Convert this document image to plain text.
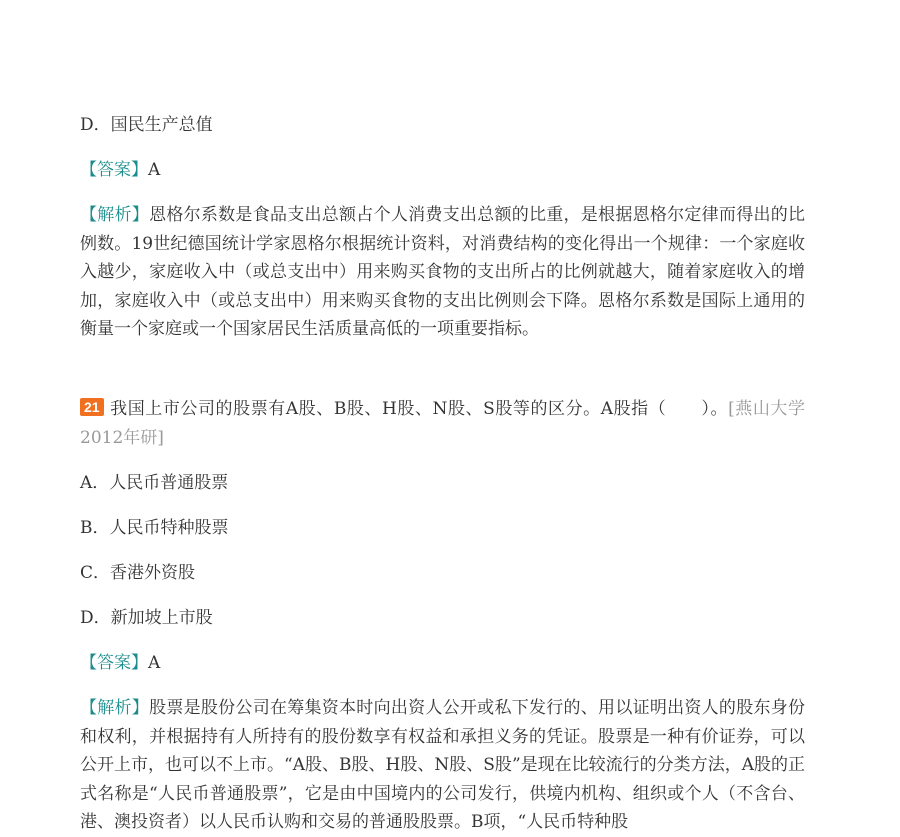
D．国民生产总值
【答案】A
【解析】恩格尔系数是食品支出总额占个人消费支出总额的比重，是根据恩格尔定律而得出的比例数。19世纪德国统计学家恩格尔根据统计资料，对消费结构的变化得出一个规律：一个家庭收入越少，家庭收入中（或总支出中）用来购买食物的支出所占的比例就越大，随着家庭收入的增加，家庭收入中（或总支出中）用来购买食物的支出比例则会下降。恩格尔系数是国际上通用的衡量一个家庭或一个国家居民生活质量高低的一项重要指标。
21 我国上市公司的股票有A股、B股、H股、N股、S股等的区分。A股指（　　）。[燕山大学2012年研]
A．人民币普通股票
B．人民币特种股票
C．香港外资股
D．新加坡上市股
【答案】A
【解析】股票是股份公司在筹集资本时向出资人公开或私下发行的、用以证明出资人的股东身份和权利，并根据持有人所持有的股份数享有权益和承担义务的凭证。股票是一种有价证券，可以公开上市，也可以不上市。“A股、B股、H股、N股、S股”是现在比较流行的分类方法，A股的正式名称是“人民币普通股票”，它是由中国境内的公司发行，供境内机构、组织或个人（不含台、港、澳投资者）以人民币认购和交易的普通股股票。B项，“人民币特种股
